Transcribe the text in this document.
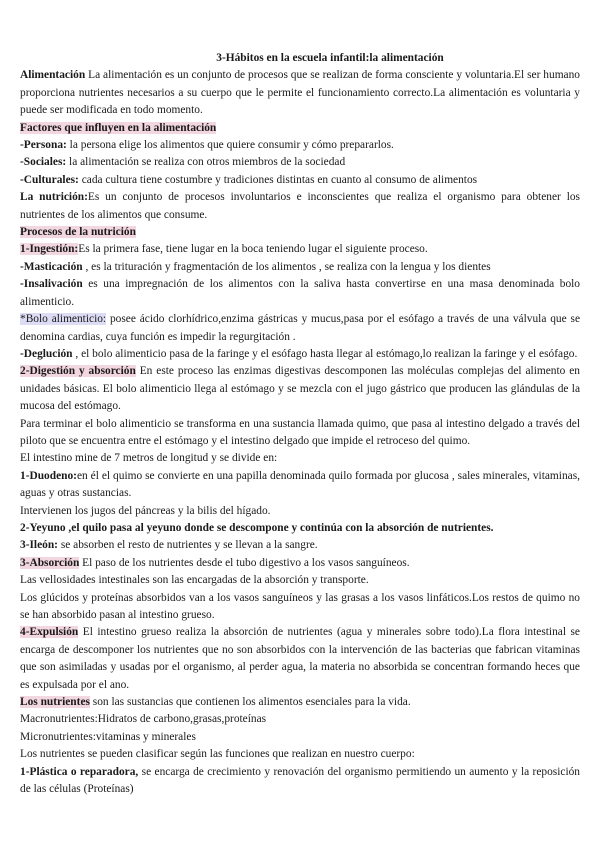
3-Hábitos en la escuela infantil:la alimentación

Alimentación La alimentación es un conjunto de procesos que se realizan de forma consciente y voluntaria.El ser humano proporciona nutrientes necesarios a su cuerpo que le permite el funcionamiento correcto.La alimentación es voluntaria y puede ser modificada en todo momento.

Factores que influyen en la alimentación

-Persona: la persona elige los alimentos que quiere consumir y cómo prepararlos.

-Sociales: la alimentación se realiza con otros miembros de la sociedad

-Culturales: cada cultura tiene costumbre y tradiciones distintas en cuanto al consumo de alimentos

La nutrición:Es un conjunto de procesos involuntarios e inconscientes que realiza el organismo para obtener los nutrientes de los alimentos que consume.

Procesos de la nutrición

1-Ingestión:Es la primera fase, tiene lugar en la boca teniendo lugar el siguiente proceso.

-Masticación , es la trituración y fragmentación de los alimentos , se realiza con la lengua y los dientes

-Insalivación es una impregnación de los alimentos con la saliva hasta convertirse en una masa denominada bolo alimenticio.

*Bolo alimenticio: posee ácido clorhídrico,enzima gástricas y mucus,pasa por el esófago a través de una válvula que se denomina cardias, cuya función es impedir la regurgitación .

-Deglución , el bolo alimenticio pasa de la faringe y el esófago hasta llegar al estómago,lo realizan la faringe y el esófago.

2-Digestión y absorción En este proceso las enzimas digestivas descomponen las moléculas complejas del alimento en unidades básicas. El bolo alimenticio llega al estómago y se mezcla con el jugo gástrico que producen las glándulas de la mucosa del estómago.

Para terminar el bolo alimenticio se transforma en una sustancia llamada quimo, que pasa al intestino delgado a través del piloto que se encuentra entre el estómago y el intestino delgado que impide el retroceso del quimo.

El intestino mine de 7 metros de longitud y se divide en:

1-Duodeno:en él el quimo se convierte en una papilla denominada quilo formada por glucosa , sales minerales, vitaminas, aguas y otras sustancias.

Intervienen los jugos del páncreas y la bilis del hígado.

2-Yeyuno ,el quilo pasa al yeyuno donde se descompone y continúa con la absorción de nutrientes.

3-Ileón: se absorben el resto de nutrientes y se llevan a la sangre.

3-Absorción El paso de los nutrientes desde el tubo digestivo a los vasos sanguíneos.

Las vellosidades intestinales son las encargadas de la absorción y transporte.

Los glúcidos y proteínas absorbidos van a los vasos sanguíneos y las grasas a los vasos linfáticos.Los restos de quimo no se han absorbido pasan al intestino grueso.

4-Expulsión El intestino grueso realiza la absorción de nutrientes (agua y minerales sobre todo).La flora intestinal se encarga de descomponer los nutrientes que no son absorbidos con la intervención de las bacterias que fabrican vitaminas que son asimiladas y usadas por el organismo, al perder agua, la materia no absorbida se concentran formando heces que es expulsada por el ano.

Los nutrientes son las sustancias que contienen los alimentos esenciales para la vida.

Macronutrientes:Hidratos de carbono,grasas,proteínas

Micronutrientes:vitaminas y minerales

Los nutrientes se pueden clasificar según las funciones que realizan en nuestro cuerpo:

1-Plástica o reparadora, se encarga de crecimiento y renovación del organismo permitiendo un aumento y la reposición de las células (Proteínas)
